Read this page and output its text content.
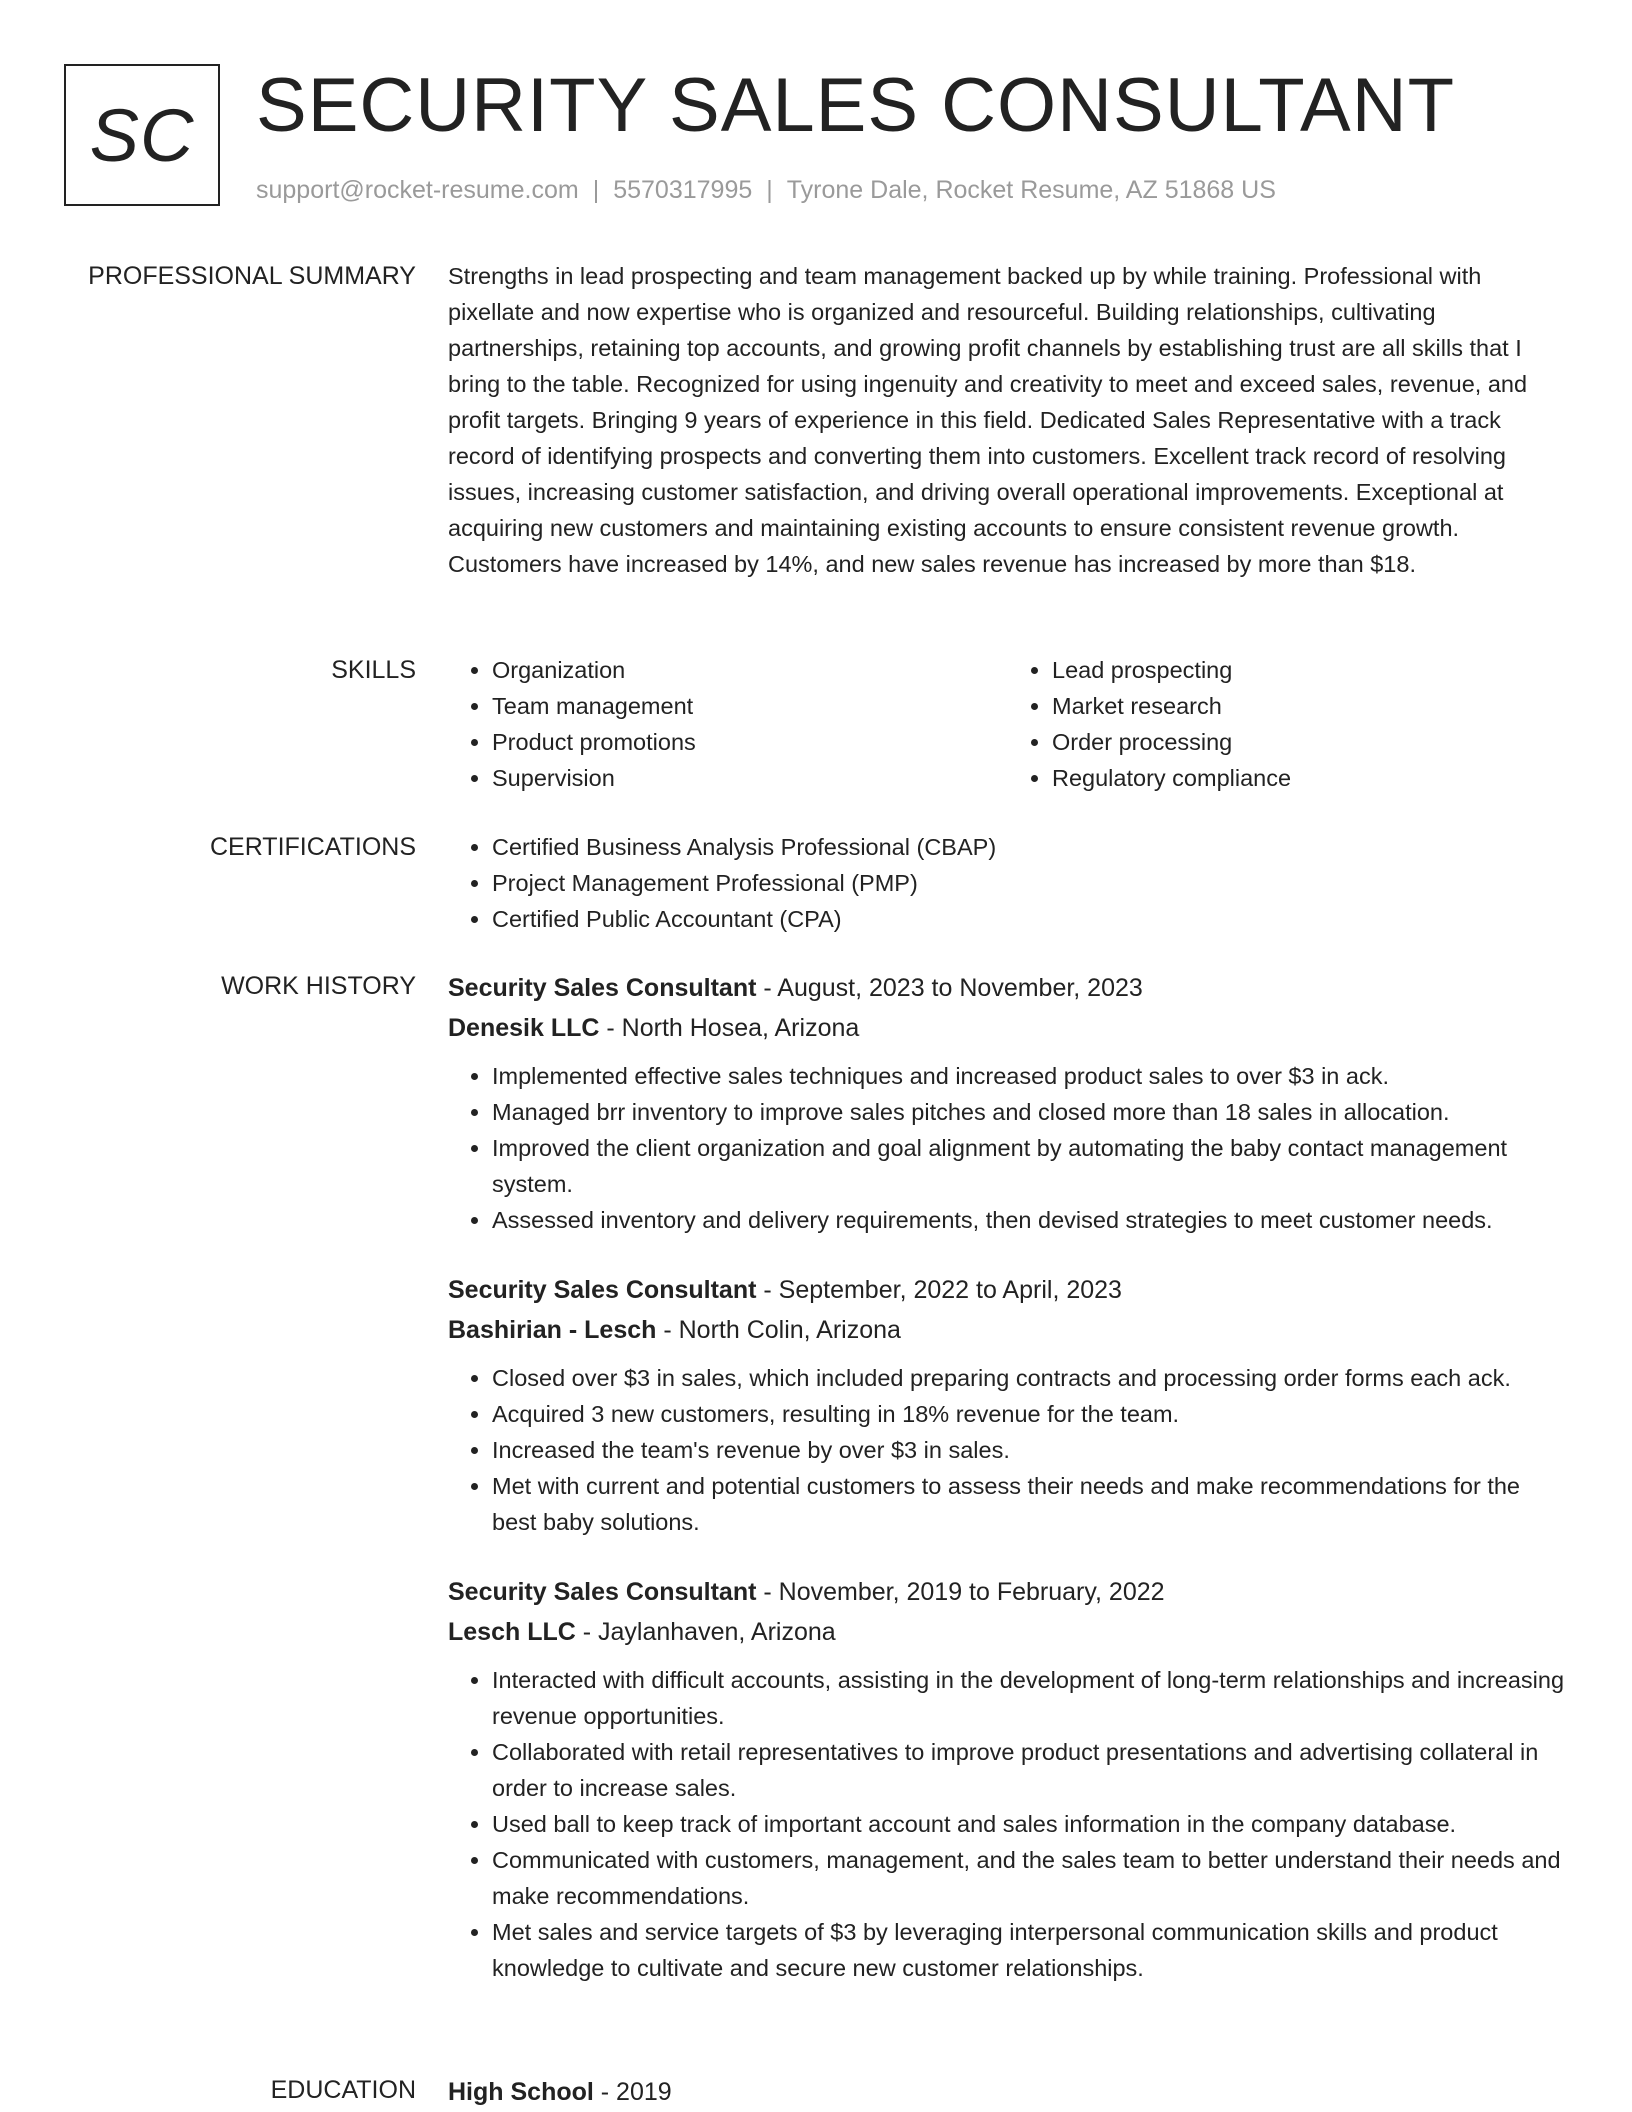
SC SECURITY SALES CONSULTANT
support@rocket-resume.com | 5570317995 | Tyrone Dale, Rocket Resume, AZ 51868 US
PROFESSIONAL SUMMARY Strengths in lead prospecting and team management backed up by while training. Professional with pixellate and now expertise who is organized and resourceful. Building relationships, cultivating partnerships, retaining top accounts, and growing profit channels by establishing trust are all skills that I bring to the table. Recognized for using ingenuity and creativity to meet and exceed sales, revenue, and profit targets. Bringing 9 years of experience in this field. Dedicated Sales Representative with a track record of identifying prospects and converting them into customers. Excellent track record of resolving issues, increasing customer satisfaction, and driving overall operational improvements. Exceptional at acquiring new customers and maintaining existing accounts to ensure consistent revenue growth. Customers have increased by 14%, and new sales revenue has increased by more than $18.

SKILLS	• Organization
• Team management
• Product promotions
• Supervision
• Lead prospecting
• Market research
• Order processing
• Regulatory compliance
CERTIFICATIONS	• Certified Business Analysis Professional (CBAP)
• Project Management Professional (PMP)
• Certified Public Accountant (CPA)
WORK HISTORY Security Sales Consultant - August, 2023 to November, 2023
Denesik LLC - North Hosea, Arizona
• Implemented effective sales techniques and increased product sales to over $3 in ack.
• Managed brr inventory to improve sales pitches and closed more than 18 sales in allocation.
• Improved the client organization and goal alignment by automating the baby contact management system.
• Assessed inventory and delivery requirements, then devised strategies to meet customer needs.
Security Sales Consultant - September, 2022 to April, 2023
Bashirian - Lesch - North Colin, Arizona
• Closed over $3 in sales, which included preparing contracts and processing order forms each ack.
• Acquired 3 new customers, resulting in 18% revenue for the team.
• Increased the team's revenue by over $3 in sales.
• Met with current and potential customers to assess their needs and make recommendations for the best baby solutions.
Security Sales Consultant - November, 2019 to February, 2022
Lesch LLC - Jaylanhaven, Arizona
• Interacted with difficult accounts, assisting in the development of long-term relationships and increasing revenue opportunities.
• Collaborated with retail representatives to improve product presentations and advertising collateral in order to increase sales.
• Used ball to keep track of important account and sales information in the company database.
• Communicated with customers, management, and the sales team to better understand their needs and make recommendations.
• Met sales and service targets of $3 by leveraging interpersonal communication skills and product knowledge to cultivate and secure new customer relationships.
EDUCATION High School - 2019
